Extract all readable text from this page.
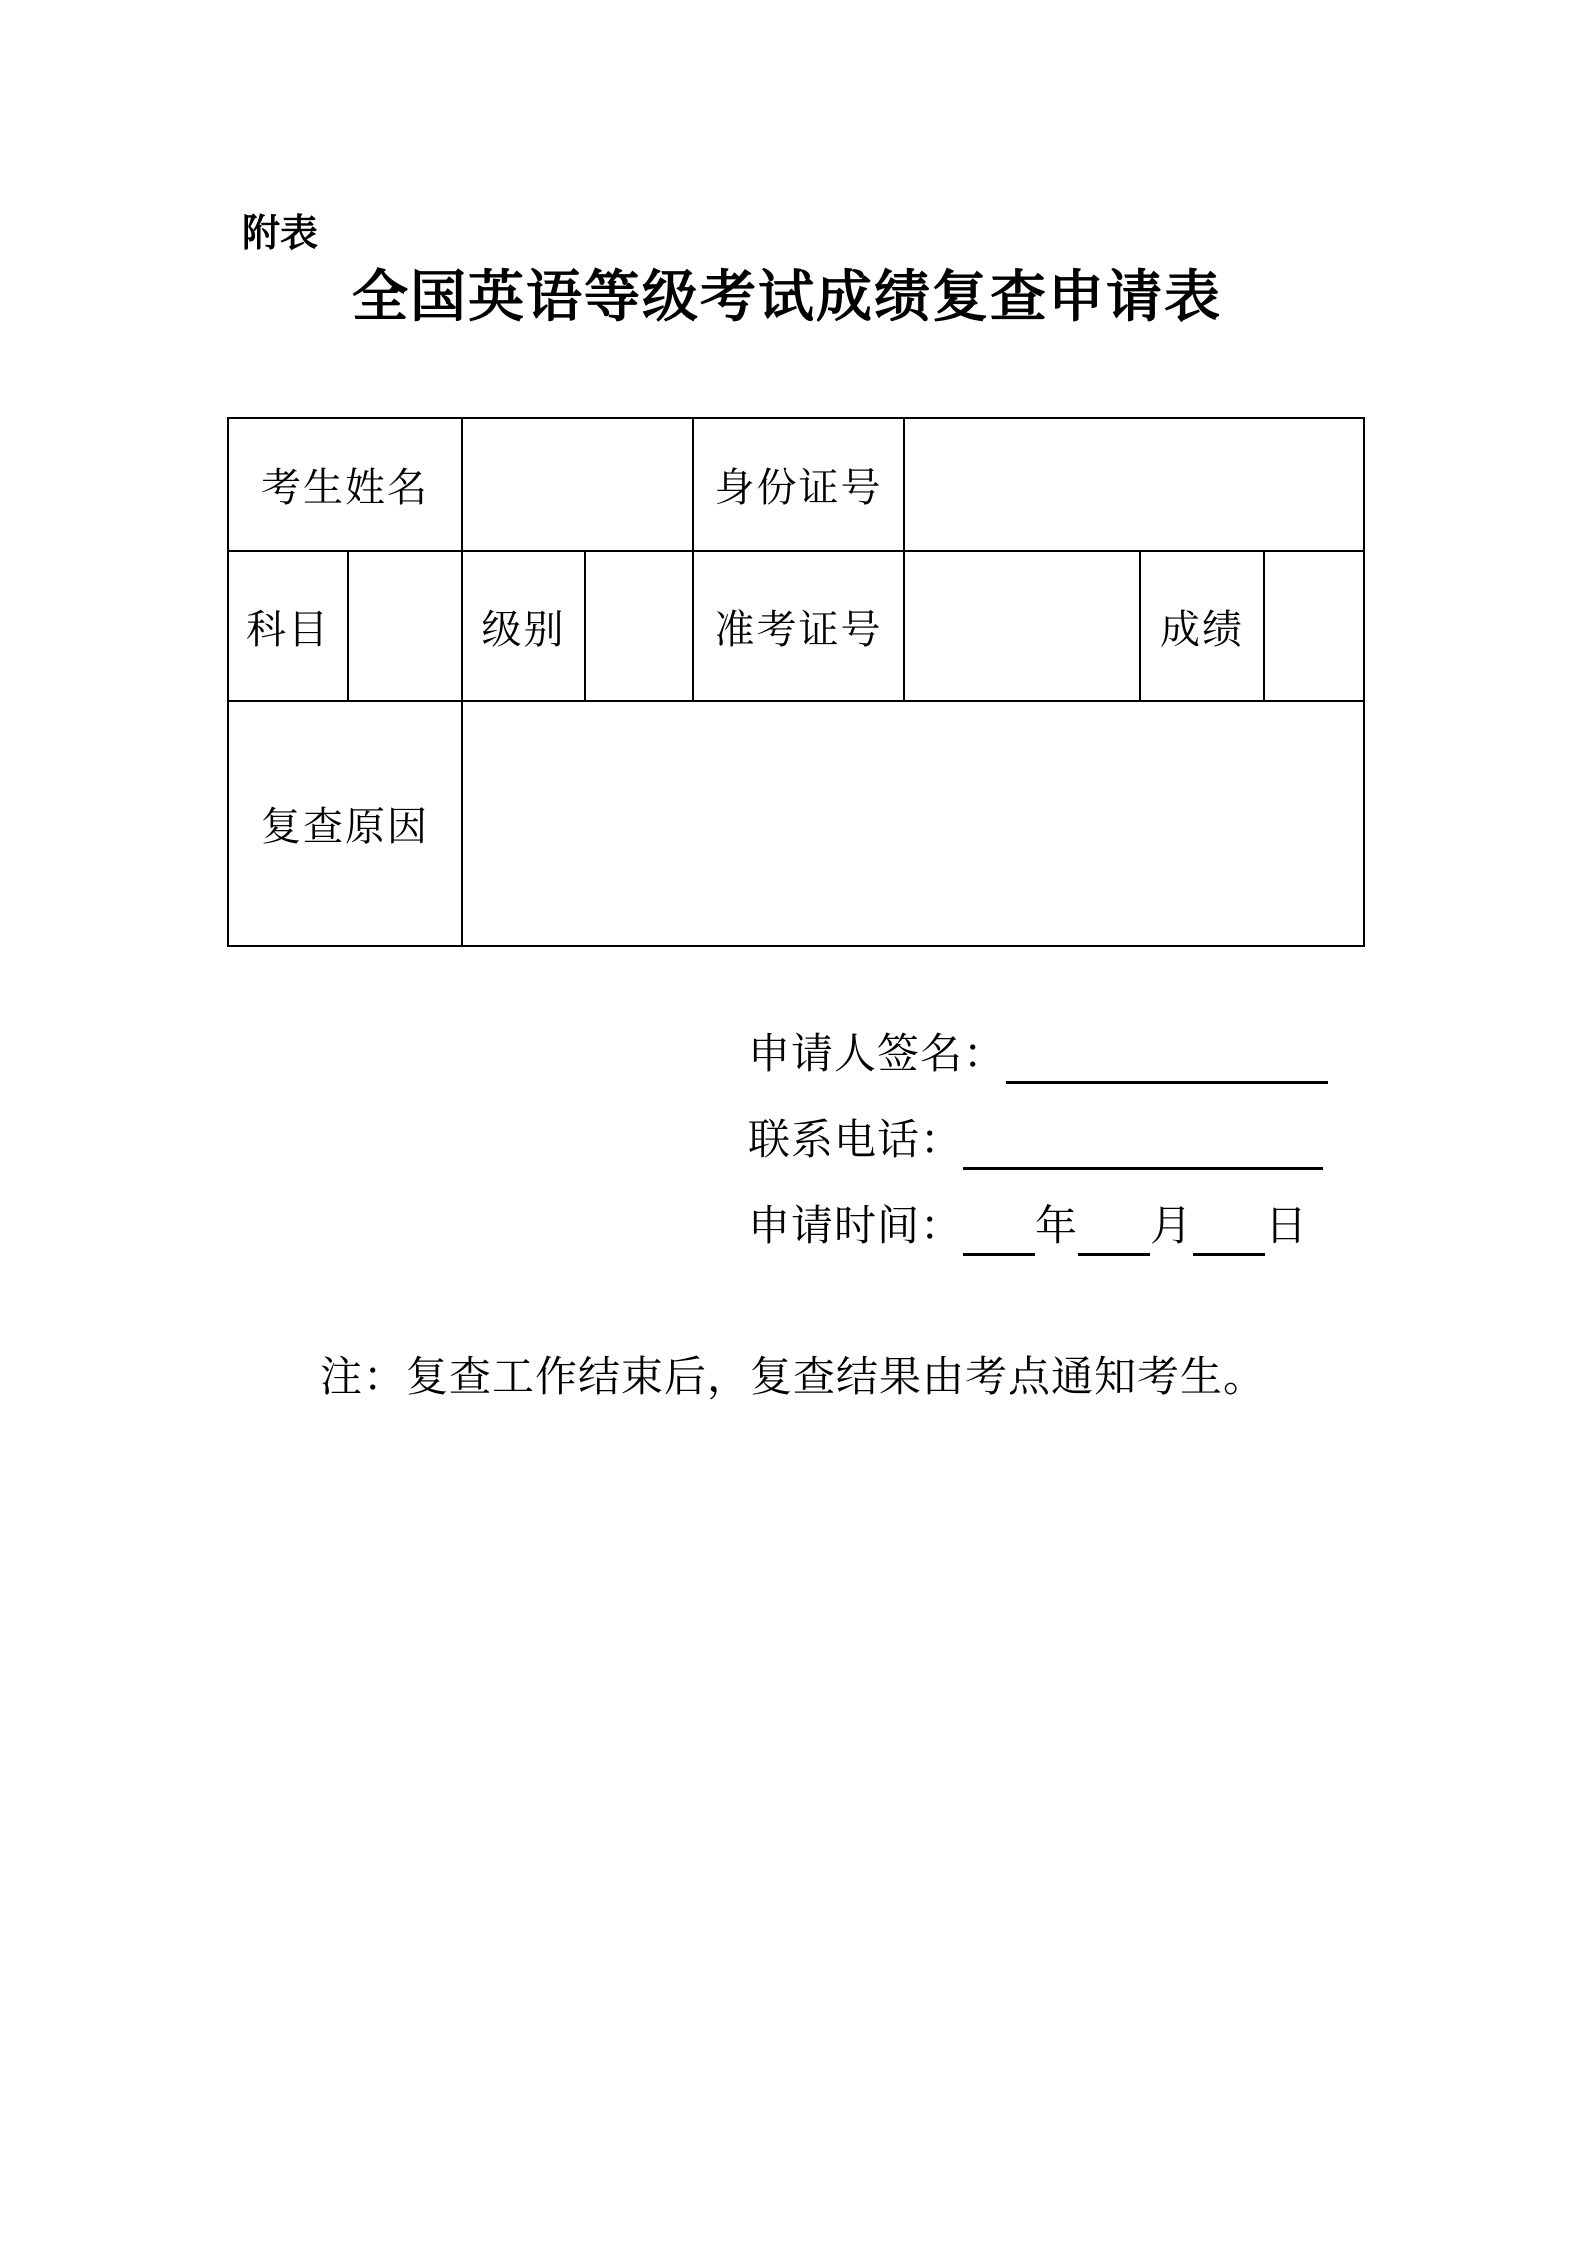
附表
全国英语等级考试成绩复查申请表
考生姓名				身份证号			
科目		级别		准考证号		成绩	
复查原因							
申请人签名：
联系电话：
申请时间： 年 月 日
注：复查工作结束后，复查结果由考点通知考生。
